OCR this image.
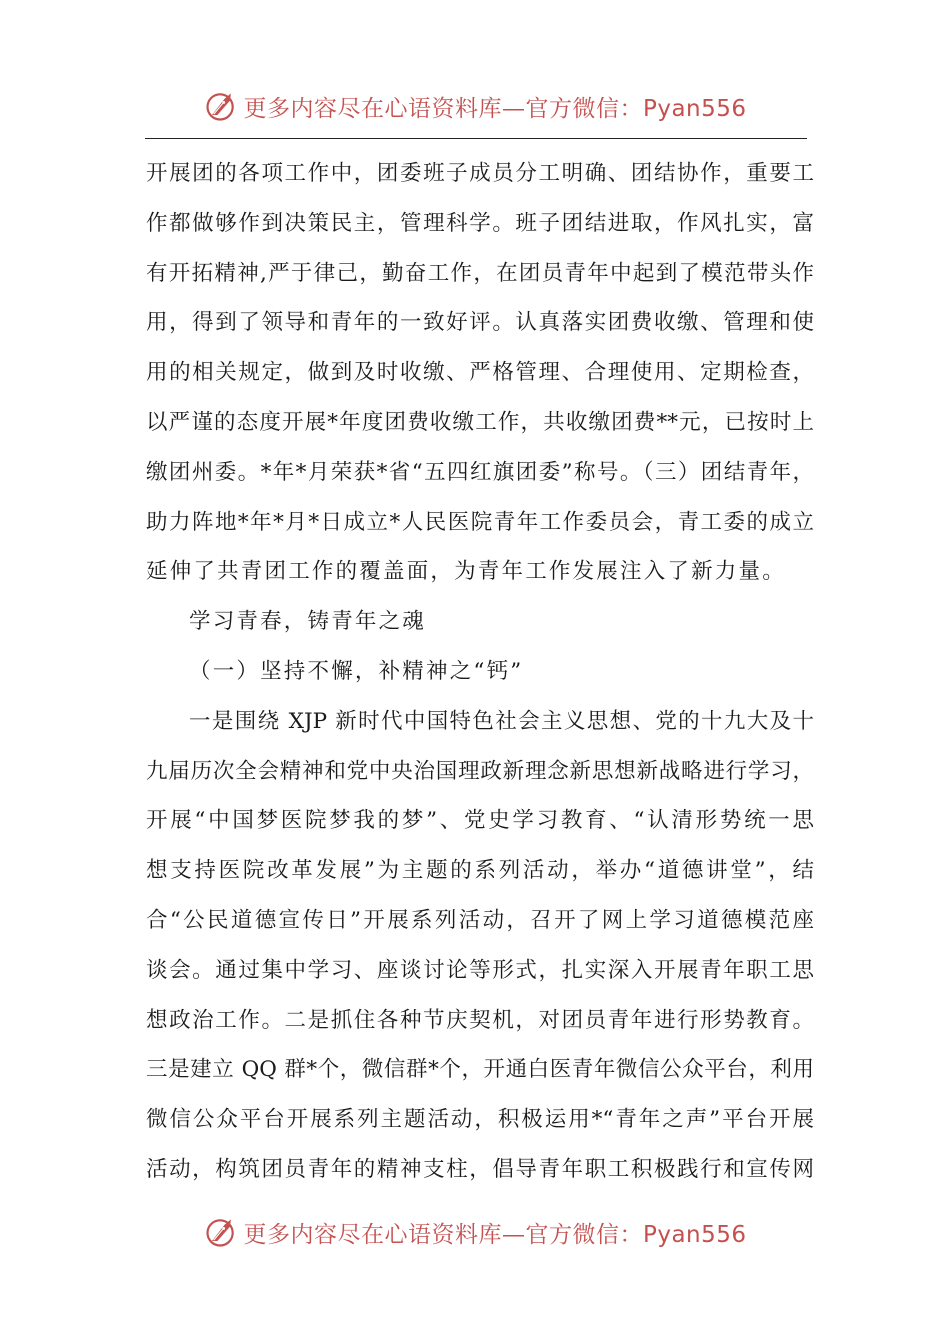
更多内容尽在心语资料库—官方微信：Pyan556
开展团的各项工作中，团委班子成员分工明确、团结协作，重要工
作都做够作到决策民主，管理科学。班子团结进取，作风扎实，富
有开拓精神,严于律己，勤奋工作，在团员青年中起到了模范带头作
用，得到了领导和青年的一致好评。认真落实团费收缴、管理和使
用的相关规定，做到及时收缴、严格管理、合理使用、定期检查，
以严谨的态度开展*年度团费收缴工作，共收缴团费**元，已按时上
缴团州委。*年*月荣获*省“五四红旗团委”称号。（三）团结青年，
助力阵地*年*月*日成立*人民医院青年工作委员会，青工委的成立
延伸了共青团工作的覆盖面，为青年工作发展注入了新力量。
学习青春，铸青年之魂
（一）坚持不懈，补精神之“钙”
一是围绕 XJP 新时代中国特色社会主义思想、党的十九大及十
九届历次全会精神和党中央治国理政新理念新思想新战略进行学习，
开展“中国梦医院梦我的梦”、党史学习教育、“认清形势统一思
想支持医院改革发展”为主题的系列活动，举办“道德讲堂”，结
合“公民道德宣传日”开展系列活动，召开了网上学习道德模范座
谈会。通过集中学习、座谈讨论等形式，扎实深入开展青年职工思
想政治工作。二是抓住各种节庆契机，对团员青年进行形势教育。
三是建立 QQ 群*个，微信群*个，开通白医青年微信公众平台，利用
微信公众平台开展系列主题活动，积极运用*“青年之声”平台开展
活动，构筑团员青年的精神支柱，倡导青年职工积极践行和宣传网
更多内容尽在心语资料库—官方微信：Pyan556
